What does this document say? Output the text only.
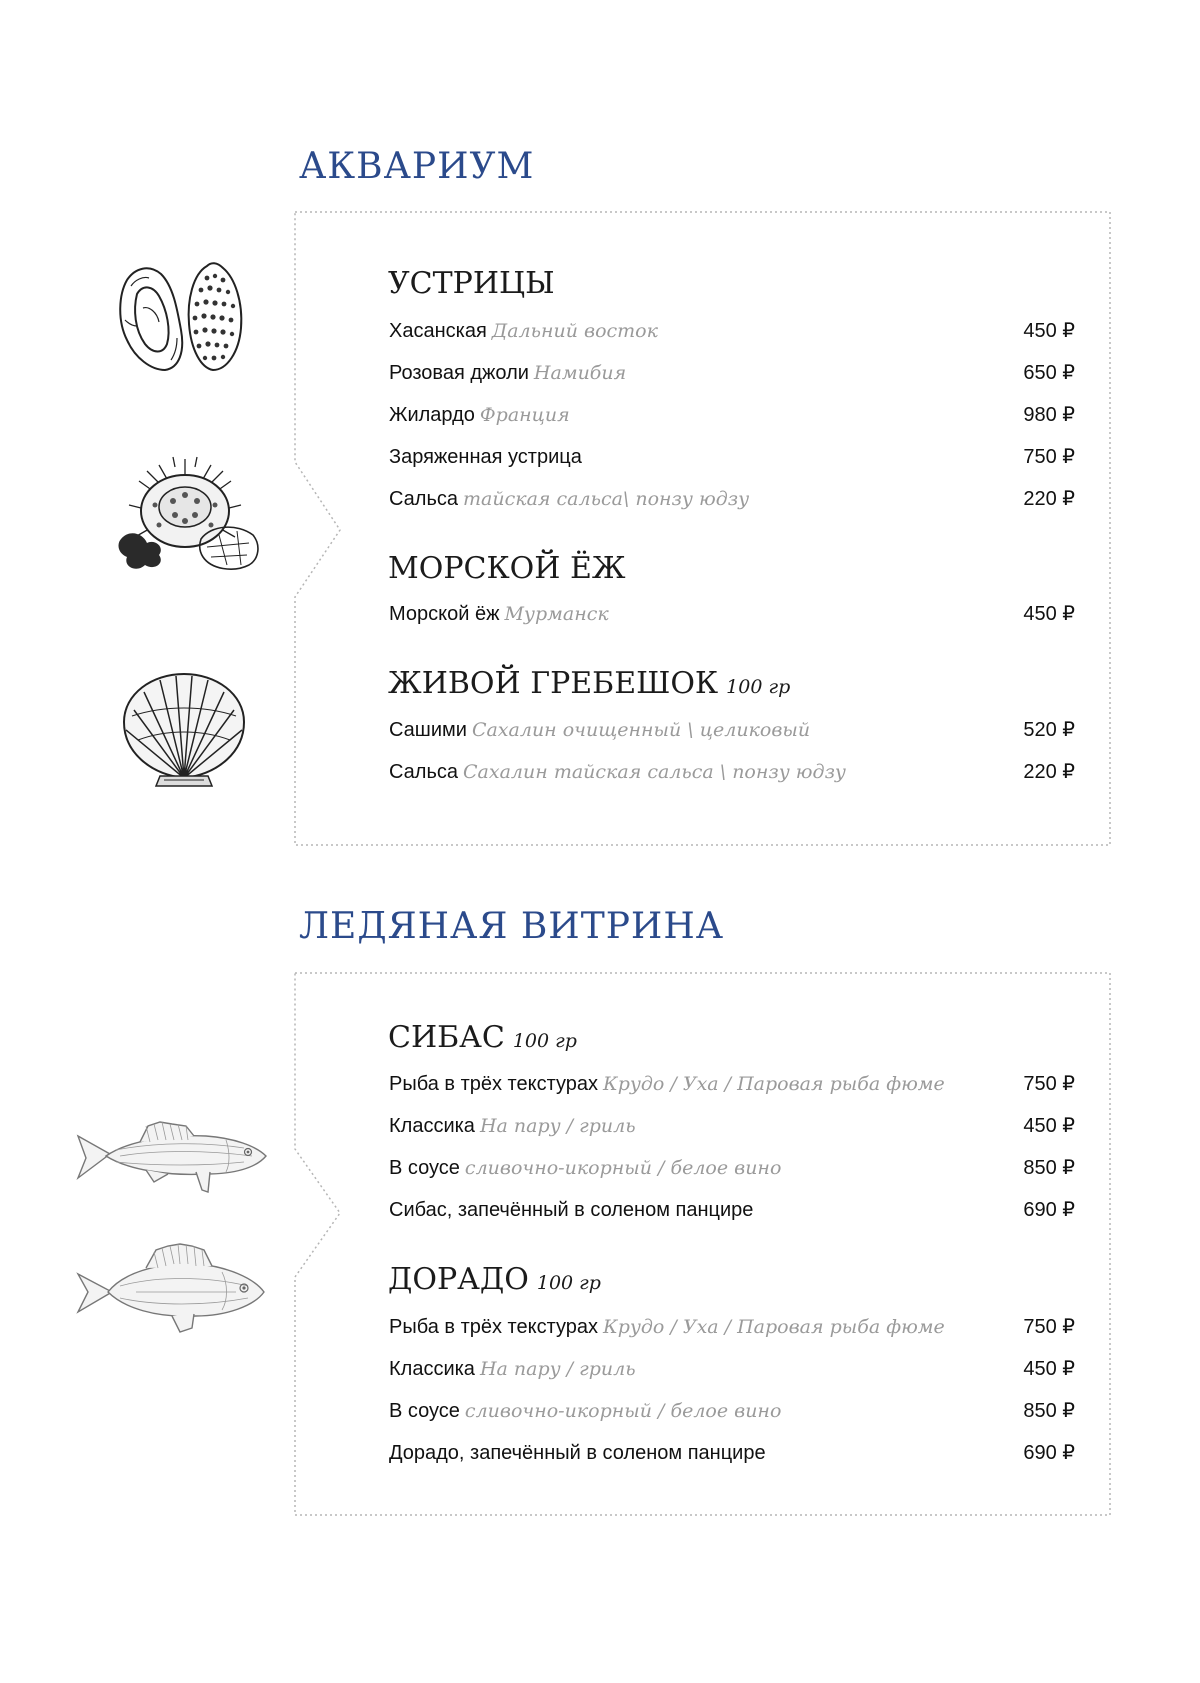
АКВАРИУМ
УСТРИЦЫ
Хасанская Дальний восток	450 ₽
Розовая джоли Намибия	650 ₽
Жилардо Франция	980 ₽
Заряженная устрица	750 ₽
Сальса тайская сальса\ понзу юдзу	220 ₽
МОРСКОЙ ЁЖ
Морской ёж Мурманск	450 ₽
ЖИВОЙ ГРЕБЕШОК 100 гр
Сашими Сахалин очищенный \ целиковый	520 ₽
Сальса Сахалин тайская сальса \ понзу юдзу	220 ₽
ЛЕДЯНАЯ ВИТРИНА
СИБАС 100 гр
Рыба в трёх текстурах Крудо / Уха / Паровая рыба фюме	750 ₽
Классика На пару / гриль	450 ₽
В соусе сливочно-икорный / белое вино	850 ₽
Сибас, запечённый в соленом панцире	690 ₽
ДОРАДО 100 гр
Рыба в трёх текстурах Крудо / Уха / Паровая рыба фюме	750 ₽
Классика На пару / гриль	450 ₽
В соусе сливочно-икорный / белое вино	850 ₽
Дорадо, запечённый в соленом панцире	690 ₽
